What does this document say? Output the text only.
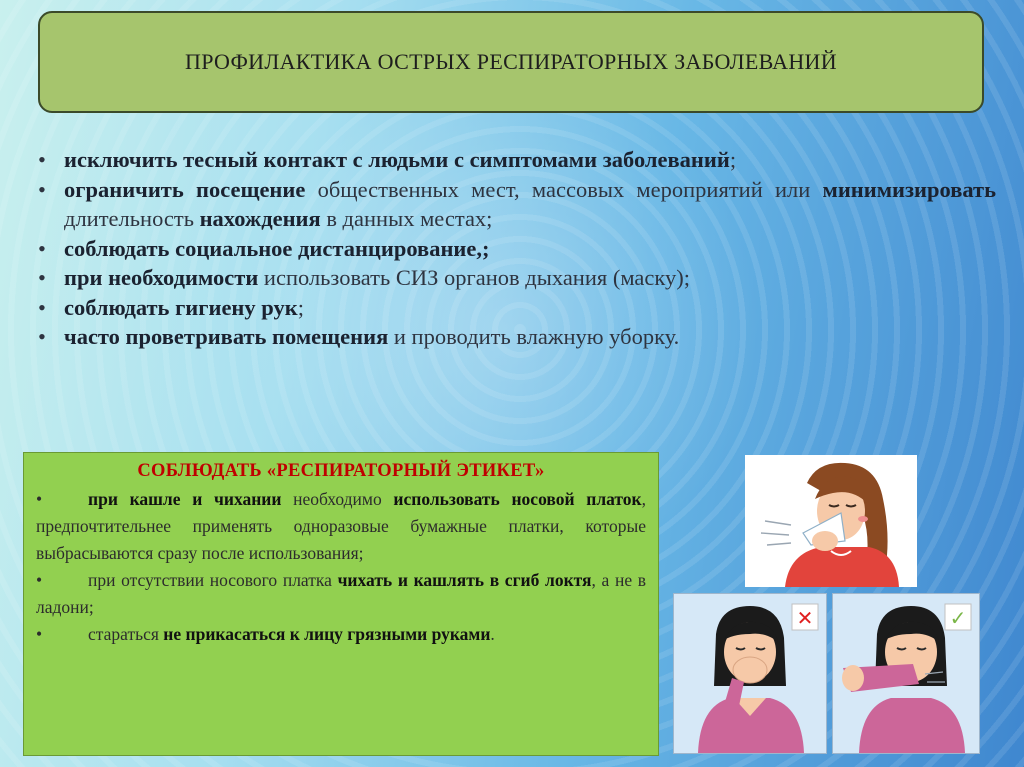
ПРОФИЛАКТИКА ОСТРЫХ РЕСПИРАТОРНЫХ ЗАБОЛЕВАНИЙ
• исключить тесный контакт с людьми с симптомами заболеваний;
• ограничить посещение общественных мест, массовых мероприятий или минимизировать длительность нахождения в данных местах;
• соблюдать социальное дистанцирование,;
• при необходимости использовать СИЗ органов дыхания (маску);
• соблюдать гигиену рук;
• часто проветривать помещения и проводить влажную уборку.
СОБЛЮДАТЬ «РЕСПИРАТОРНЫЙ ЭТИКЕТ»

•	при кашле и чихании необходимо использовать носовой платок, предпочтительнее применять одноразовые бумажные платки, которые выбрасываются сразу после использования;

•	при отсутствии носового платка чихать и кашлять в сгиб локтя, а не в ладони;

•	стараться не прикасаться к лицу грязными руками.

✕	✓
